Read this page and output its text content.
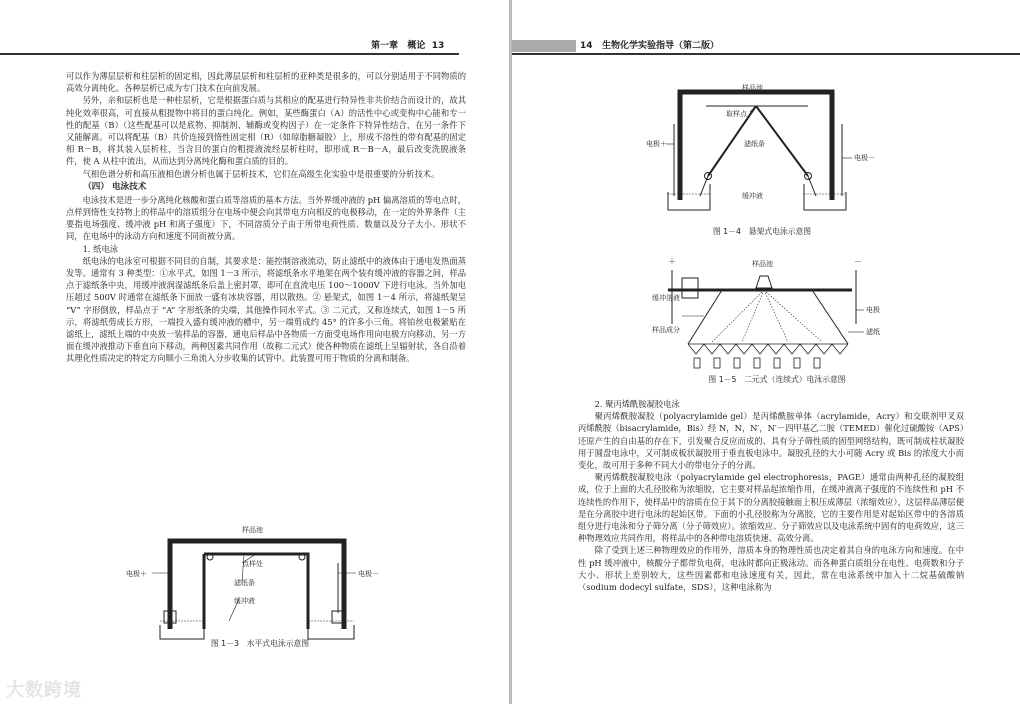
第一章 概论 13

可以作为薄层层析和柱层析的固定相，因此薄层层析和柱层析的亚种类是很多的，可以分别适用于不同物质的高效分离纯化。各种层析已成为专门技术在向前发展。

另外，亲和层析也是一种柱层析，它是根据蛋白质与其相应的配基进行特异性非共价结合而设计的，故其纯化效率很高，可直接从粗提物中将目的蛋白纯化。例如，某些酶蛋白（A）的活性中心或变构中心能和专一性的配基（B）（这些配基可以是底物、抑制剂、辅酶或变构因子）在一定条件下特异性结合，在另一条件下又能解离。可以将配基（B）共价连接到惰性固定相（R）（如琼脂糖凝胶）上，形成不溶性的带有配基的固定相 R－B，将其装入层析柱，当含目的蛋白的粗提液流经层析柱时，即形成 R－B－A，最后改变洗脱液条件，使 A 从柱中流出，从而达到分离纯化酶和蛋白质的目的。

气相色谱分析和高压液相色谱分析也属于层析技术，它们在高级生化实验中是很重要的分析技术。

（四） 电泳技术

电泳技术是进一步分离纯化核酸和蛋白质等溶质的基本方法。当外界缓冲液的 pH 偏离溶质的等电点时，点样到惰性支持物上的样品中的溶质组分在电场中便会向其带电方向相反的电极移动，在一定的外界条件（主要指电场强度、缓冲液 pH 和离子强度）下，不同溶质分子由于所带电荷性质、数量以及分子大小、形状不同，在电场中的泳动方向和速度不同而被分离。

1. 纸电泳

纸电泳的电泳室可根据不同目的自制，其要求是：能控制溶液流动，防止滤纸中的液体由于通电发热面蒸发等。通常有 3 种类型：①水平式，如图 1－3 所示，将滤纸条水平地架在两个装有缓冲液的容器之间，样品点于滤纸条中央，用缓冲液润湿滤纸条后盖上密封罩，即可在直流电压 100～1000V 下进行电泳。当外加电压超过 500V 时通常在滤纸条下面放一盛有冰块容器，用以散热。② 悬架式，如图 1－4 所示，将滤纸架呈 “V” 字形倒放，样品点于 “A” 字形纸条的尖端，其他操作同水平式。③ 二元式，又称连续式，如图 1－5 所示，将滤纸剪成长方形，一端投入盛有缓冲液的槽中，另一端剪成约 45° 的许多小三角。将铂丝电极紧贴在滤纸上，滤纸上端的中央放一装样品的容器，通电后样品中各物质一方面受电场作用向电极方向移动，另一方面在缓冲液推动下垂直向下移动，两种因素共同作用（故称二元式）使各种物质在滤纸上呈辐射状，各自沿着其理化性质决定的特定方向顺小三角流入分步收集的试管中。此装置可用于物质的分离和制备。

样品池
点样处
滤纸条
缓冲液
电极＋	电极－
图 1－3　水平式电泳示意图
14 生物化学实验指导（第二版）
样品池
取样点
滤纸条
缓冲液
电极＋
电极－
图 1－4　悬架式电泳示意图
＋	－
样品池
缓冲溶液
样品成分
电极
滤纸
图 1－5　二元式（连续式）电泳示意图
2. 聚丙烯酰胺凝胶电泳

聚丙烯酰胺凝胶（polyacrylamide gel）是丙烯酰胺单体（acrylamide，Acry）和交联剂甲叉双丙烯酰胺（bisacrylamide，Bis）经 N，N，N′，N′－四甲基乙二胺（TEMED）催化过硫酸铵（APS）还原产生的自由基的存在下，引发聚合反应而成的、具有分子筛性质的固型网络结构，既可制成柱状凝胶用于圆盘电泳中，又可制成板状凝胶用于垂直板电泳中。凝胶孔径的大小可随 Acry 或 Bis 的浓度大小而变化，故可用于多种不同大小的带电分子的分离。

聚丙烯酰胺凝胶电泳（polyacrylamide gel electrophoresis，PAGE）通常由两种孔径的凝胶组成，位于上面的大孔径胶称为浓缩胶，它主要对样品起浓缩作用，在缓冲液离子强度的不连续性和 pH 不连续性的作用下，使样品中的溶质在位于其下的分离胶接触面上积压成薄层（浓缩效应），这层样品薄层便是在分离胶中进行电泳的起始区带。下面的小孔径胶称为分离胶，它的主要作用是对起始区带中的各溶质组分进行电泳和分子筛分离（分子筛效应）。浓缩效应、分子筛效应以及电泳系统中固有的电荷效应，这三种物理效应共同作用，将样品中的各种带电溶质快速、高效分离。

除了受到上述三种物理效应的作用外，溶质本身的物理性质也决定着其自身的电泳方向和速度。在中性 pH 缓冲液中，核酸分子都带负电荷，电泳时都向正极泳动。而各种蛋白质组分在电性、电荷数和分子大小、形状上差别较大，这些因素都和电泳速度有关，因此，常在电泳系统中加入十二烷基硫酸钠（sodium dodecyl sulfate，SDS），这种电泳称为

大数跨境
